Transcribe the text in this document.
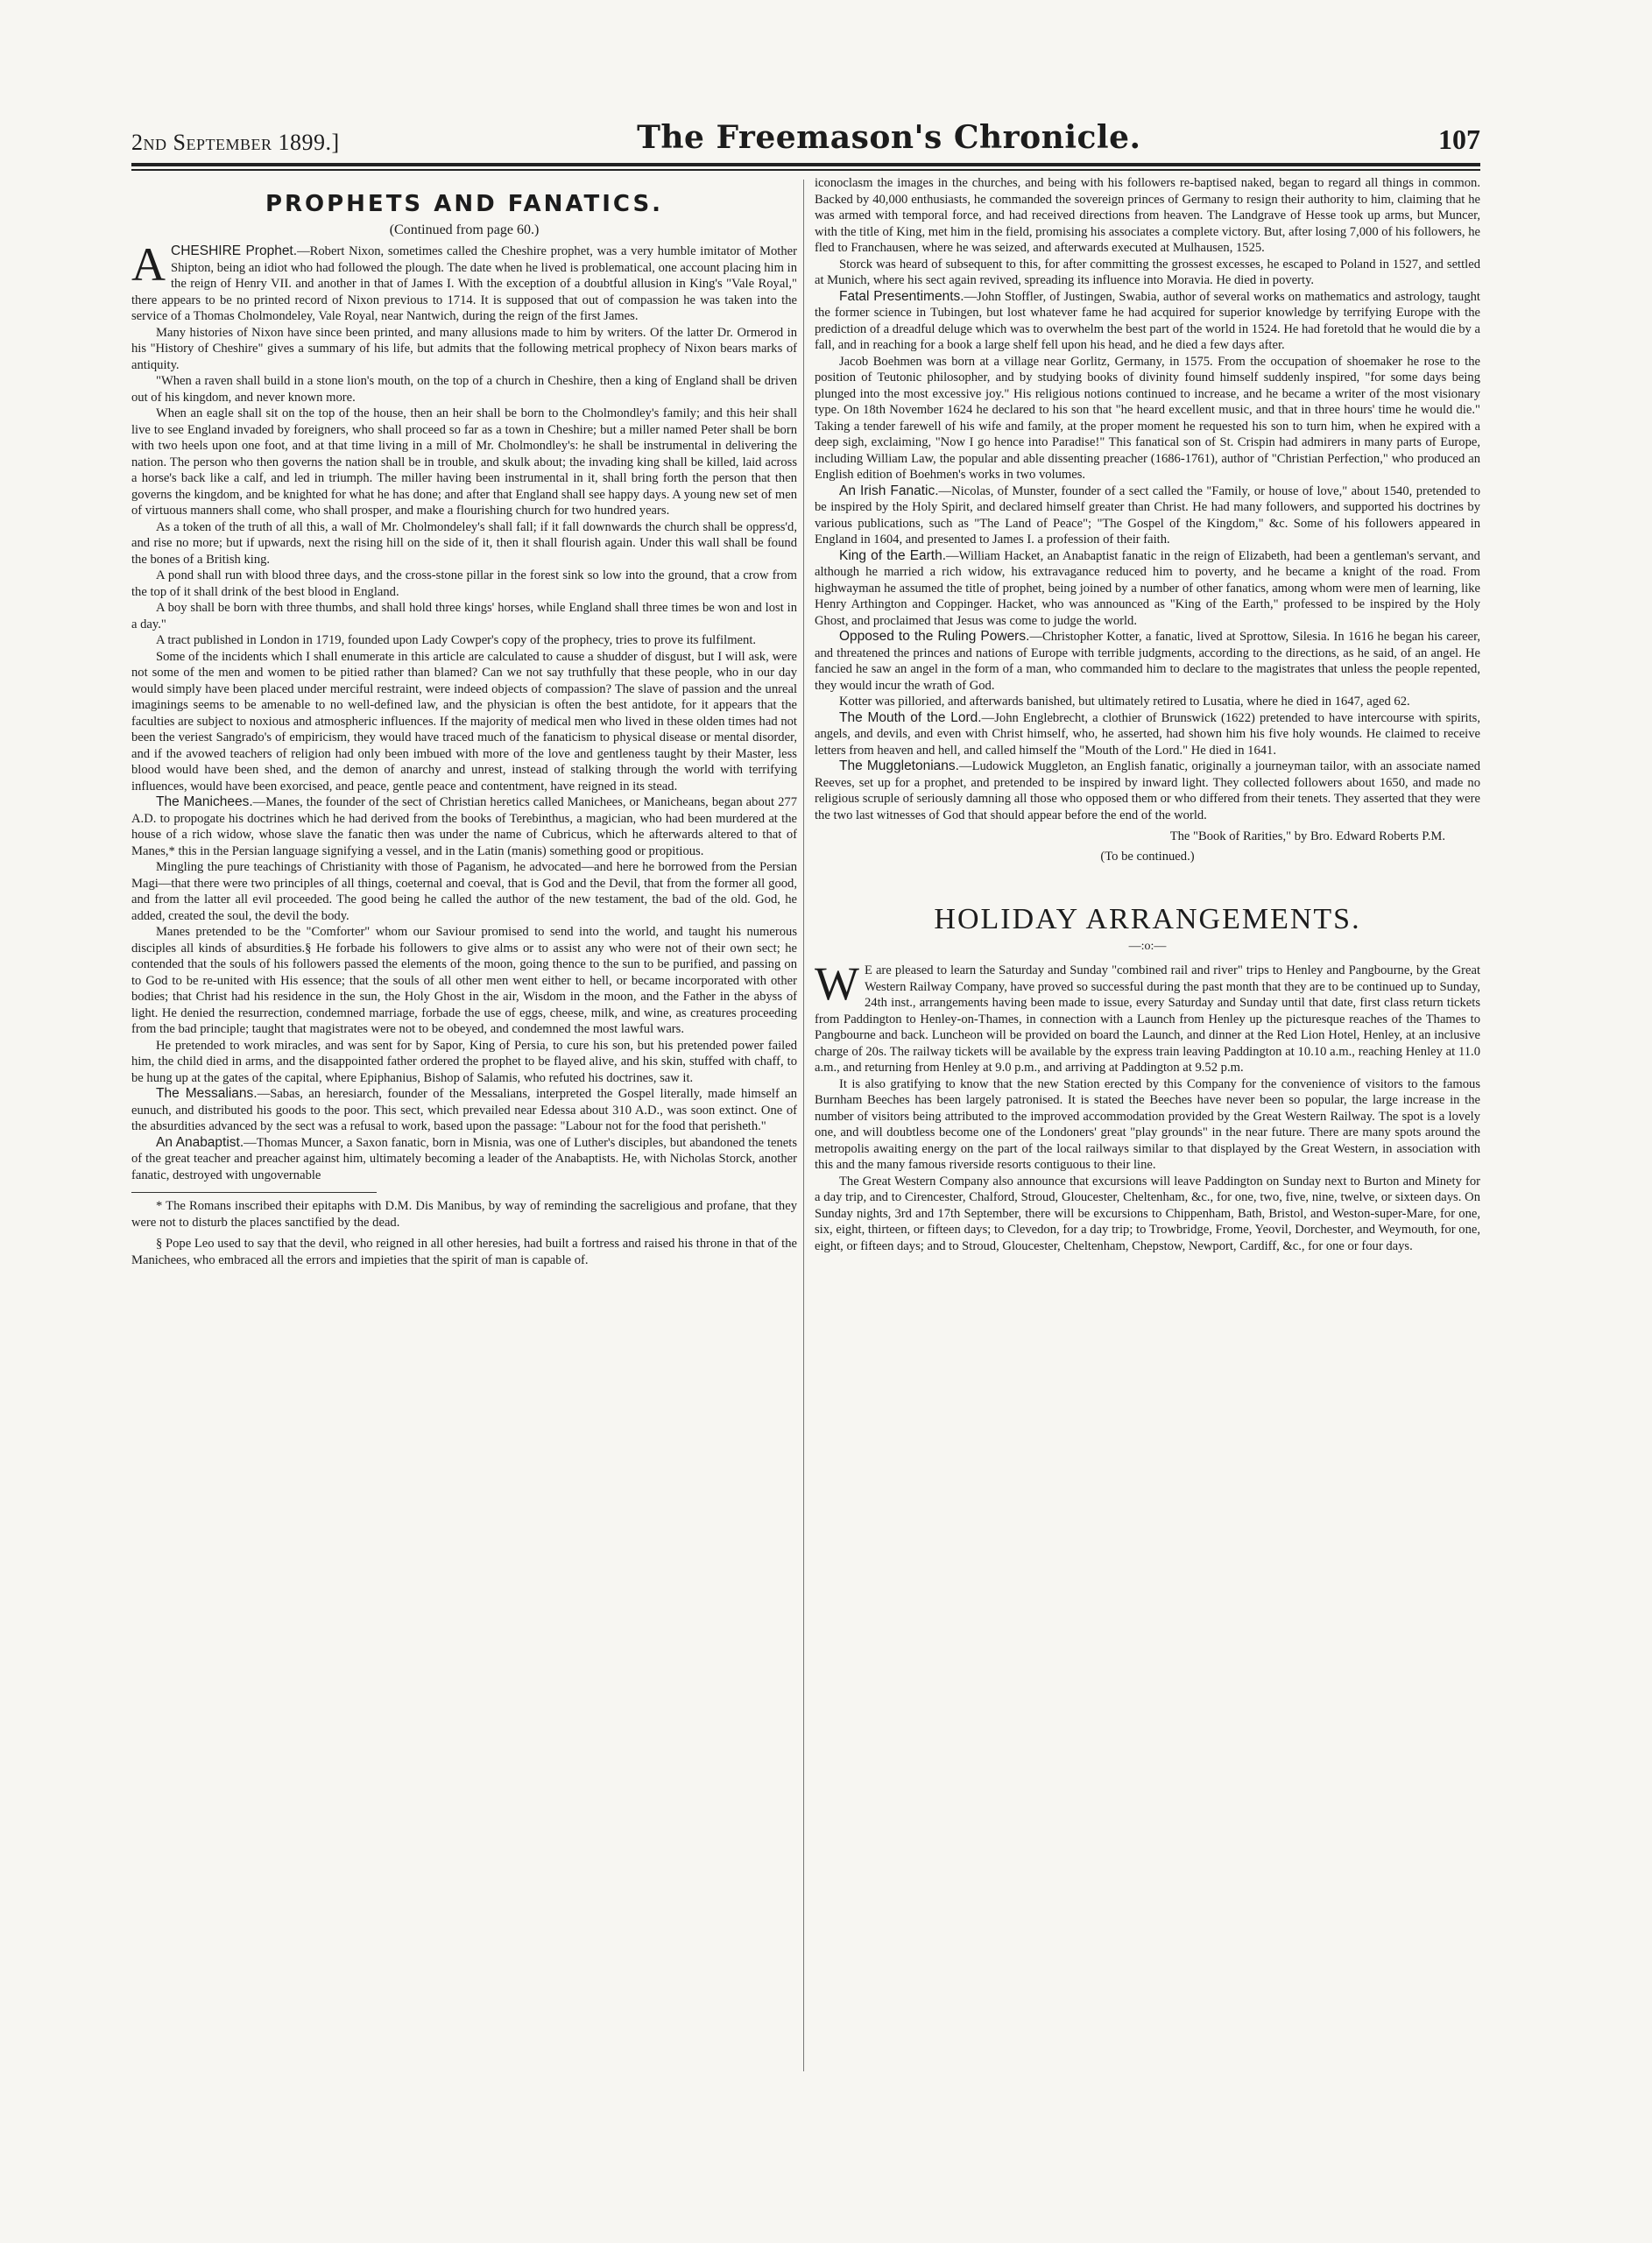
2nd September 1899.]	The Freemason's Chronicle.	107
PROPHETS AND FANATICS.
(Continued from page 60.)

ACHESHIRE Prophet.—Robert Nixon, sometimes called the Cheshire prophet, was a very humble imitator of Mother Shipton, being an idiot who had followed the plough. The date when he lived is problematical, one account placing him in the reign of Henry VII. and another in that of James I. With the exception of a doubtful allusion in King's "Vale Royal," there appears to be no printed record of Nixon previous to 1714. It is supposed that out of compassion he was taken into the service of a Thomas Cholmondeley, Vale Royal, near Nantwich, during the reign of the first James.

Many histories of Nixon have since been printed, and many allusions made to him by writers. Of the latter Dr. Ormerod in his "History of Cheshire" gives a summary of his life, but admits that the following metrical prophecy of Nixon bears marks of antiquity.

"When a raven shall build in a stone lion's mouth, on the top of a church in Cheshire, then a king of England shall be driven out of his kingdom, and never known more.

When an eagle shall sit on the top of the house, then an heir shall be born to the Cholmondley's family; and this heir shall live to see England invaded by foreigners, who shall proceed so far as a town in Cheshire; but a miller named Peter shall be born with two heels upon one foot, and at that time living in a mill of Mr. Cholmondley's: he shall be instrumental in delivering the nation. The person who then governs the nation shall be in trouble, and skulk about; the invading king shall be killed, laid across a horse's back like a calf, and led in triumph. The miller having been instrumental in it, shall bring forth the person that then governs the kingdom, and be knighted for what he has done; and after that England shall see happy days. A young new set of men of virtuous manners shall come, who shall prosper, and make a flourishing church for two hundred years.

As a token of the truth of all this, a wall of Mr. Cholmondeley's shall fall; if it fall downwards the church shall be oppress'd, and rise no more; but if upwards, next the rising hill on the side of it, then it shall flourish again. Under this wall shall be found the bones of a British king.

A pond shall run with blood three days, and the cross-stone pillar in the forest sink so low into the ground, that a crow from the top of it shall drink of the best blood in England.

A boy shall be born with three thumbs, and shall hold three kings' horses, while England shall three times be won and lost in a day."

A tract published in London in 1719, founded upon Lady Cowper's copy of the prophecy, tries to prove its fulfilment.

Some of the incidents which I shall enumerate in this article are calculated to cause a shudder of disgust, but I will ask, were not some of the men and women to be pitied rather than blamed? Can we not say truthfully that these people, who in our day would simply have been placed under merciful restraint, were indeed objects of compassion? The slave of passion and the unreal imaginings seems to be amenable to no well-defined law, and the physician is often the best antidote, for it appears that the faculties are subject to noxious and atmospheric influences. If the majority of medical men who lived in these olden times had not been the veriest Sangrado's of empiricism, they would have traced much of the fanaticism to physical disease or mental disorder, and if the avowed teachers of religion had only been imbued with more of the love and gentleness taught by their Master, less blood would have been shed, and the demon of anarchy and unrest, instead of stalking through the world with terrifying influences, would have been exorcised, and peace, gentle peace and contentment, have reigned in its stead.

The Manichees.—Manes, the founder of the sect of Christian heretics called Manichees, or Manicheans, began about 277 A.D. to propogate his doctrines which he had derived from the books of Terebinthus, a magician, who had been murdered at the house of a rich widow, whose slave the fanatic then was under the name of Cubricus, which he afterwards altered to that of Manes,* this in the Persian language signifying a vessel, and in the Latin (manis) something good or propitious.

Mingling the pure teachings of Christianity with those of Paganism, he advocated—and here he borrowed from the Persian Magi—that there were two principles of all things, coeternal and coeval, that is God and the Devil, that from the former all good, and from the latter all evil proceeded. The good being he called the author of the new testament, the bad of the old. God, he added, created the soul, the devil the body.

Manes pretended to be the "Comforter" whom our Saviour promised to send into the world, and taught his numerous disciples all kinds of absurdities.§ He forbade his followers to give alms or to assist any who were not of their own sect; he contended that the souls of his followers passed the elements of the moon, going thence to the sun to be purified, and passing on to God to be re-united with His essence; that the souls of all other men went either to hell, or became incorporated with other bodies; that Christ had his residence in the sun, the Holy Ghost in the air, Wisdom in the moon, and the Father in the abyss of light. He denied the resurrection, condemned marriage, forbade the use of eggs, cheese, milk, and wine, as creatures proceeding from the bad principle; taught that magistrates were not to be obeyed, and condemned the most lawful wars.

He pretended to work miracles, and was sent for by Sapor, King of Persia, to cure his son, but his pretended power failed him, the child died in arms, and the disappointed father ordered the prophet to be flayed alive, and his skin, stuffed with chaff, to be hung up at the gates of the capital, where Epiphanius, Bishop of Salamis, who refuted his doctrines, saw it.

The Messalians.—Sabas, an heresiarch, founder of the Messalians, interpreted the Gospel literally, made himself an eunuch, and distributed his goods to the poor. This sect, which prevailed near Edessa about 310 A.D., was soon extinct. One of the absurdities advanced by the sect was a refusal to work, based upon the passage: "Labour not for the food that perisheth."

An Anabaptist.—Thomas Muncer, a Saxon fanatic, born in Misnia, was one of Luther's disciples, but abandoned the tenets of the great teacher and preacher against him, ultimately becoming a leader of the Anabaptists. He, with Nicholas Storck, another fanatic, destroyed with ungovernable

* The Romans inscribed their epitaphs with D.M. Dis Manibus, by way of reminding the sacreligious and profane, that they were not to disturb the places sanctified by the dead.

§ Pope Leo used to say that the devil, who reigned in all other heresies, had built a fortress and raised his throne in that of the Manichees, who embraced all the errors and impieties that the spirit of man is capable of.

iconoclasm the images in the churches, and being with his followers re-baptised naked, began to regard all things in common. Backed by 40,000 enthusiasts, he commanded the sovereign princes of Germany to resign their authority to him, claiming that he was armed with temporal force, and had received directions from heaven. The Landgrave of Hesse took up arms, but Muncer, with the title of King, met him in the field, promising his associates a complete victory. But, after losing 7,000 of his followers, he fled to Franchausen, where he was seized, and afterwards executed at Mulhausen, 1525.

Storck was heard of subsequent to this, for after committing the grossest excesses, he escaped to Poland in 1527, and settled at Munich, where his sect again revived, spreading its influence into Moravia. He died in poverty.

Fatal Presentiments.—John Stoffler, of Justingen, Swabia, author of several works on mathematics and astrology, taught the former science in Tubingen, but lost whatever fame he had acquired for superior knowledge by terrifying Europe with the prediction of a dreadful deluge which was to overwhelm the best part of the world in 1524. He had foretold that he would die by a fall, and in reaching for a book a large shelf fell upon his head, and he died a few days after.

Jacob Boehmen was born at a village near Gorlitz, Germany, in 1575. From the occupation of shoemaker he rose to the position of Teutonic philosopher, and by studying books of divinity found himself suddenly inspired, "for some days being plunged into the most excessive joy." His religious notions continued to increase, and he became a writer of the most visionary type. On 18th November 1624 he declared to his son that "he heard excellent music, and that in three hours' time he would die." Taking a tender farewell of his wife and family, at the proper moment he requested his son to turn him, when he expired with a deep sigh, exclaiming, "Now I go hence into Paradise!" This fanatical son of St. Crispin had admirers in many parts of Europe, including William Law, the popular and able dissenting preacher (1686-1761), author of "Christian Perfection," who produced an English edition of Boehmen's works in two volumes.

An Irish Fanatic.—Nicolas, of Munster, founder of a sect called the "Family, or house of love," about 1540, pretended to be inspired by the Holy Spirit, and declared himself greater than Christ. He had many followers, and supported his doctrines by various publications, such as "The Land of Peace"; "The Gospel of the Kingdom," &c. Some of his followers appeared in England in 1604, and presented to James I. a profession of their faith.

King of the Earth.—William Hacket, an Anabaptist fanatic in the reign of Elizabeth, had been a gentleman's servant, and although he married a rich widow, his extravagance reduced him to poverty, and he became a knight of the road. From highwayman he assumed the title of prophet, being joined by a number of other fanatics, among whom were men of learning, like Henry Arthington and Coppinger. Hacket, who was announced as "King of the Earth," professed to be inspired by the Holy Ghost, and proclaimed that Jesus was come to judge the world.

Opposed to the Ruling Powers.—Christopher Kotter, a fanatic, lived at Sprottow, Silesia. In 1616 he began his career, and threatened the princes and nations of Europe with terrible judgments, according to the directions, as he said, of an angel. He fancied he saw an angel in the form of a man, who commanded him to declare to the magistrates that unless the people repented, they would incur the wrath of God.

Kotter was pilloried, and afterwards banished, but ultimately retired to Lusatia, where he died in 1647, aged 62.

The Mouth of the Lord.—John Englebrecht, a clothier of Brunswick (1622) pretended to have intercourse with spirits, angels, and devils, and even with Christ himself, who, he asserted, had shown him his five holy wounds. He claimed to receive letters from heaven and hell, and called himself the "Mouth of the Lord." He died in 1641.

The Muggletonians.—Ludowick Muggleton, an English fanatic, originally a journeyman tailor, with an associate named Reeves, set up for a prophet, and pretended to be inspired by inward light. They collected followers about 1650, and made no religious scruple of seriously damning all those who opposed them or who differed from their tenets. They asserted that they were the two last witnesses of God that should appear before the end of the world.

The "Book of Rarities," by Bro. Edward Roberts P.M.

(To be continued.)

HOLIDAY ARRANGEMENTS.
—:o:—

W E are pleased to learn the Saturday and Sunday "combined rail and river" trips to Henley and Pangbourne, by the Great Western Railway Company, have proved so successful during the past month that they are to be continued up to Sunday, 24th inst., arrangements having been made to issue, every Saturday and Sunday until that date, first class return tickets from Paddington to Henley-on-Thames, in connection with a Launch from Henley up the picturesque reaches of the Thames to Pangbourne and back. Luncheon will be provided on board the Launch, and dinner at the Red Lion Hotel, Henley, at an inclusive charge of 20s. The railway tickets will be available by the express train leaving Paddington at 10.10 a.m., reaching Henley at 11.0 a.m., and returning from Henley at 9.0 p.m., and arriving at Paddington at 9.52 p.m.

It is also gratifying to know that the new Station erected by this Company for the convenience of visitors to the famous Burnham Beeches has been largely patronised. It is stated the Beeches have never been so popular, the large increase in the number of visitors being attributed to the improved accommodation provided by the Great Western Railway. The spot is a lovely one, and will doubtless become one of the Londoners' great "play grounds" in the near future. There are many spots around the metropolis awaiting energy on the part of the local railways similar to that displayed by the Great Western, in association with this and the many famous riverside resorts contiguous to their line.

The Great Western Company also announce that excursions will leave Paddington on Sunday next to Burton and Minety for a day trip, and to Cirencester, Chalford, Stroud, Gloucester, Cheltenham, &c., for one, two, five, nine, twelve, or sixteen days. On Sunday nights, 3rd and 17th September, there will be excursions to Chippenham, Bath, Bristol, and Weston-super-Mare, for one, six, eight, thirteen, or fifteen days; to Clevedon, for a day trip; to Trowbridge, Frome, Yeovil, Dorchester, and Weymouth, for one, eight, or fifteen days; and to Stroud, Gloucester, Cheltenham, Chepstow, Newport, Cardiff, &c., for one or four days.
